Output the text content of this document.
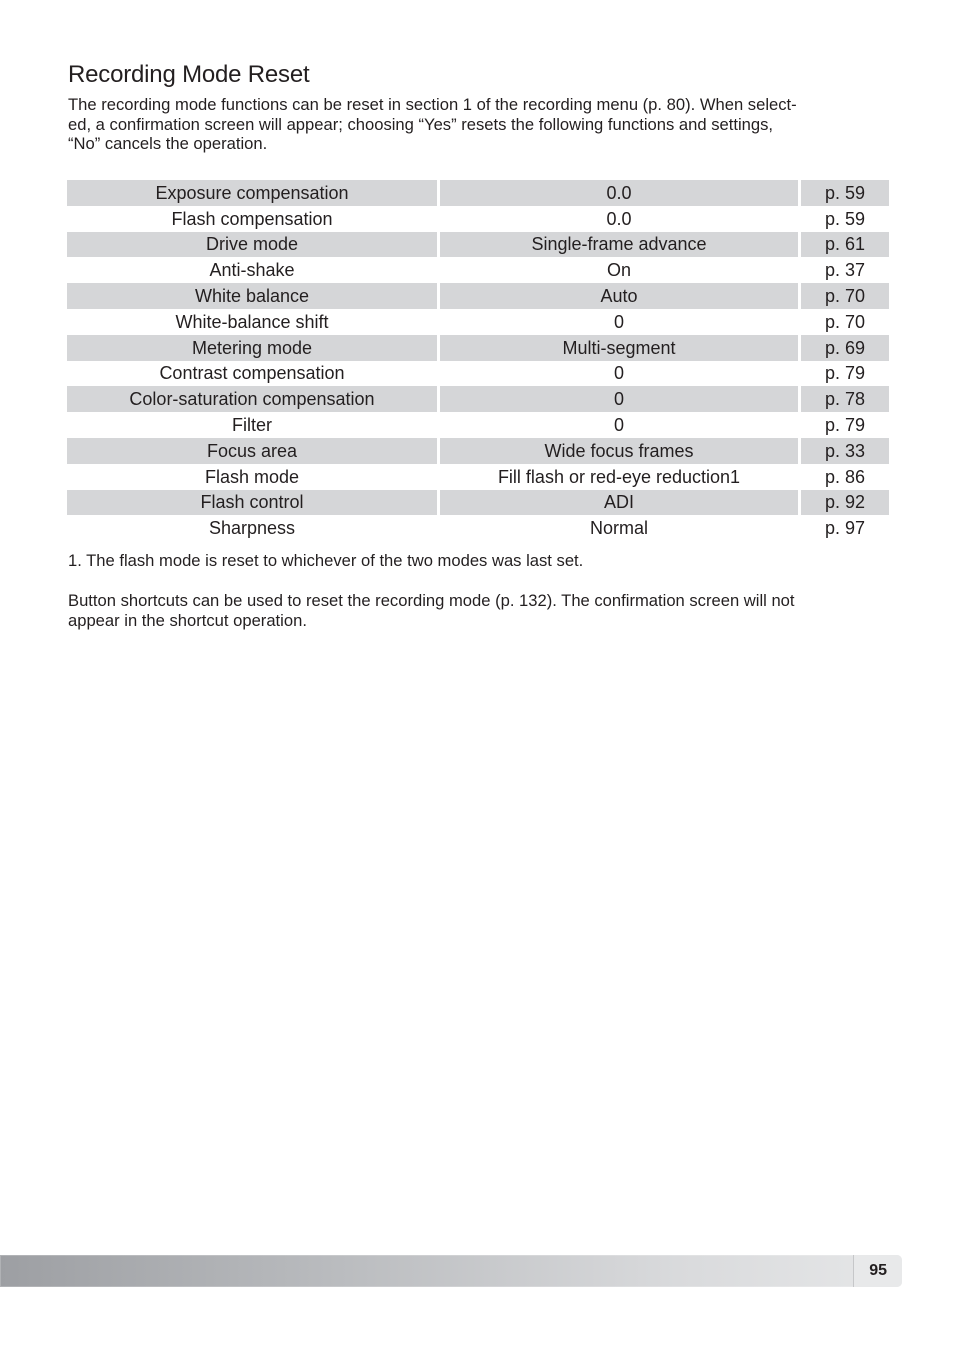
Recording Mode Reset

The recording mode functions can be reset in section 1 of the recording menu (p. 80). When select-
ed, a confirmation screen will appear; choosing “Yes” resets the following functions and settings,
“No” cancels the operation.

Exposure compensation		0.0		p. 59
Flash compensation		0.0		p. 59
Drive mode		Single-frame advance		p. 61
Anti-shake		On		p. 37
White balance		Auto		p. 70
White-balance shift		0		p. 70
Metering mode		Multi-segment		p. 69
Contrast compensation		0		p. 79
Color-saturation compensation		0		p. 78
Filter		0		p. 79
Focus area		Wide focus frames		p. 33
Flash mode		Fill flash or red-eye reduction1		p. 86
Flash control		ADI		p. 92
Sharpness		Normal		p. 97

1. The flash mode is reset to whichever of the two modes was last set.

Button shortcuts can be used to reset the recording mode (p. 132). The confirmation screen will not
appear in the shortcut operation.

95
